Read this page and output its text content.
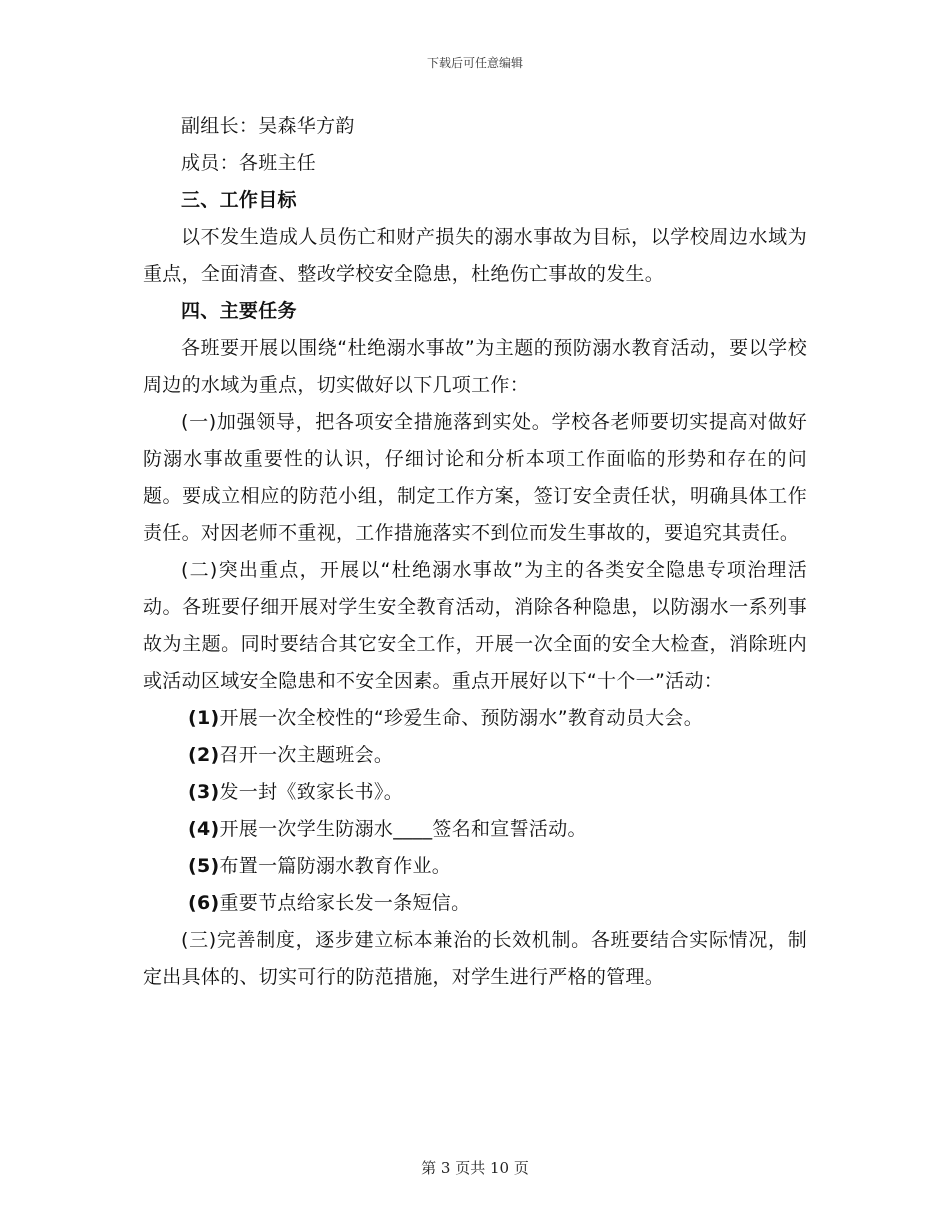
下载后可任意编辑

副组长：吴森华方韵

成员：各班主任

三、工作目标

以不发生造成人员伤亡和财产损失的溺水事故为目标，以学校周边水域为重点，全面清查、整改学校安全隐患，杜绝伤亡事故的发生。

四、主要任务

各班要开展以围绕“杜绝溺水事故”为主题的预防溺水教育活动，要以学校周边的水域为重点，切实做好以下几项工作：

(一)加强领导，把各项安全措施落到实处。学校各老师要切实提高对做好防溺水事故重要性的认识，仔细讨论和分析本项工作面临的形势和存在的问题。要成立相应的防范小组，制定工作方案，签订安全责任状，明确具体工作责任。对因老师不重视，工作措施落实不到位而发生事故的，要追究其责任。

(二)突出重点，开展以“杜绝溺水事故”为主的各类安全隐患专项治理活动。各班要仔细开展对学生安全教育活动，消除各种隐患，以防溺水一系列事故为主题。同时要结合其它安全工作，开展一次全面的安全大检查，消除班内或活动区域安全隐患和不安全因素。重点开展好以下“十个一”活动：

(1)开展一次全校性的“珍爱生命、预防溺水”教育动员大会。

(2)召开一次主题班会。

(3)发一封《致家长书》。

(4)开展一次学生防溺水____签名和宣誓活动。

(5)布置一篇防溺水教育作业。

(6)重要节点给家长发一条短信。

(三)完善制度，逐步建立标本兼治的长效机制。各班要结合实际情况，制定出具体的、切实可行的防范措施，对学生进行严格的管理。

第 3 页共 10 页
